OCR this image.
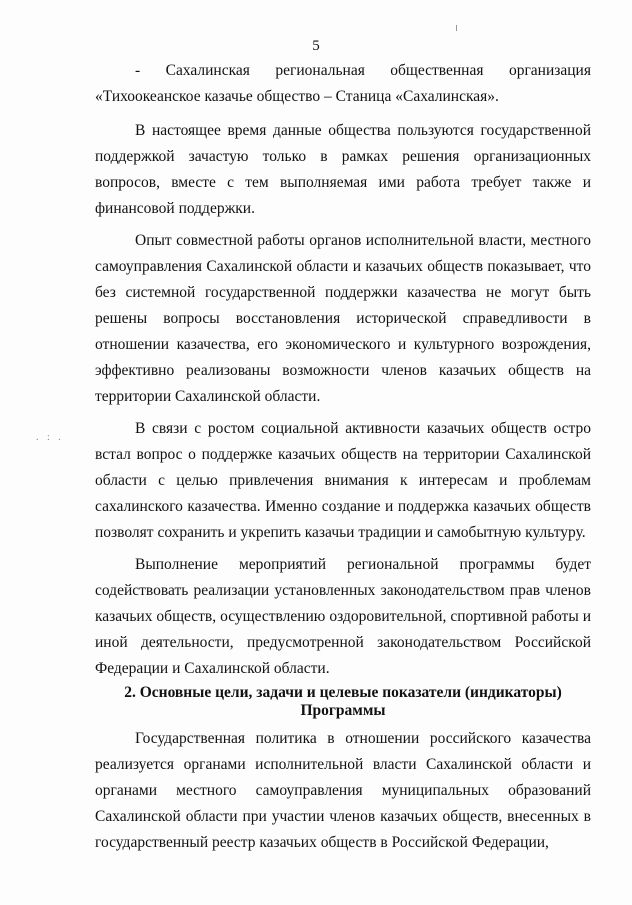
5
. : .
- Сахалинская региональная общественная организация

«Тихоокеанское казачье общество – Станица «Сахалинская».

В настоящее время данные общества пользуются государственной поддержкой зачастую только в рамках решения организационных вопросов, вместе с тем выполняемая ими работа требует также и финансовой поддержки.

Опыт совместной работы органов исполнительной власти, местного самоуправления Сахалинской области и казачьих обществ показывает, что без системной государственной поддержки казачества не могут быть решены вопросы восстановления исторической справедливости в отношении казачества, его экономического и культурного возрождения, эффективно реализованы возможности членов казачьих обществ на территории Сахалинской области.

В связи с ростом социальной активности казачьих обществ остро встал вопрос о поддержке казачьих обществ на территории Сахалинской области с целью привлечения внимания к интересам и проблемам сахалинского казачества. Именно создание и поддержка казачьих обществ позволят сохранить и укрепить казачьи традиции и самобытную культуру.

Выполнение мероприятий региональной программы будет содействовать реализации установленных законодательством прав членов казачьих обществ, осуществлению оздоровительной, спортивной работы и иной деятельности, предусмотренной законодательством Российской Федерации и Сахалинской области.

2. Основные цели, задачи и целевые показатели (индикаторы)

Программы

Государственная политика в отношении российского казачества реализуется органами исполнительной власти Сахалинской области и органами местного самоуправления муниципальных образований Сахалинской области при участии членов казачьих обществ, внесенных в государственный реестр казачьих обществ в Российской Федерации,
